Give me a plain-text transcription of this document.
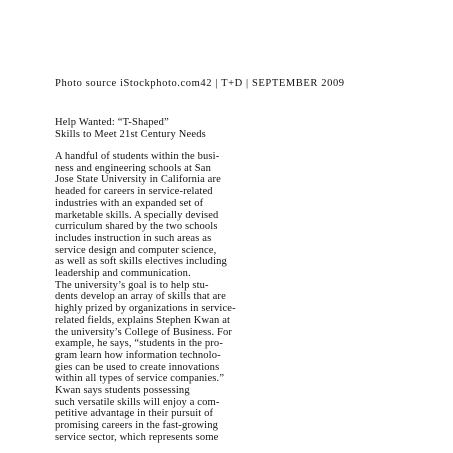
Photo source iStockphoto.com42 | T+D | SEPTEMBER 2009
Help Wanted: “T-Shaped”
Skills to Meet 21st Century Needs
A handful of students within the busi-
ness and engineering schools at San
Jose State University in California are
headed for careers in service-related
industries with an expanded set of
marketable skills. A specially devised
curriculum shared by the two schools
includes instruction in such areas as
service design and computer science,
as well as soft skills electives including
leadership and communication.
The university’s goal is to help stu-
dents develop an array of skills that are
highly prized by organizations in service-
related fields, explains Stephen Kwan at
the university’s College of Business. For
example, he says, “students in the pro-
gram learn how information technolo-
gies can be used to create innovations
within all types of service companies.”
Kwan says students possessing
such versatile skills will enjoy a com-
petitive advantage in their pursuit of
promising careers in the fast-growing
service sector, which represents some
